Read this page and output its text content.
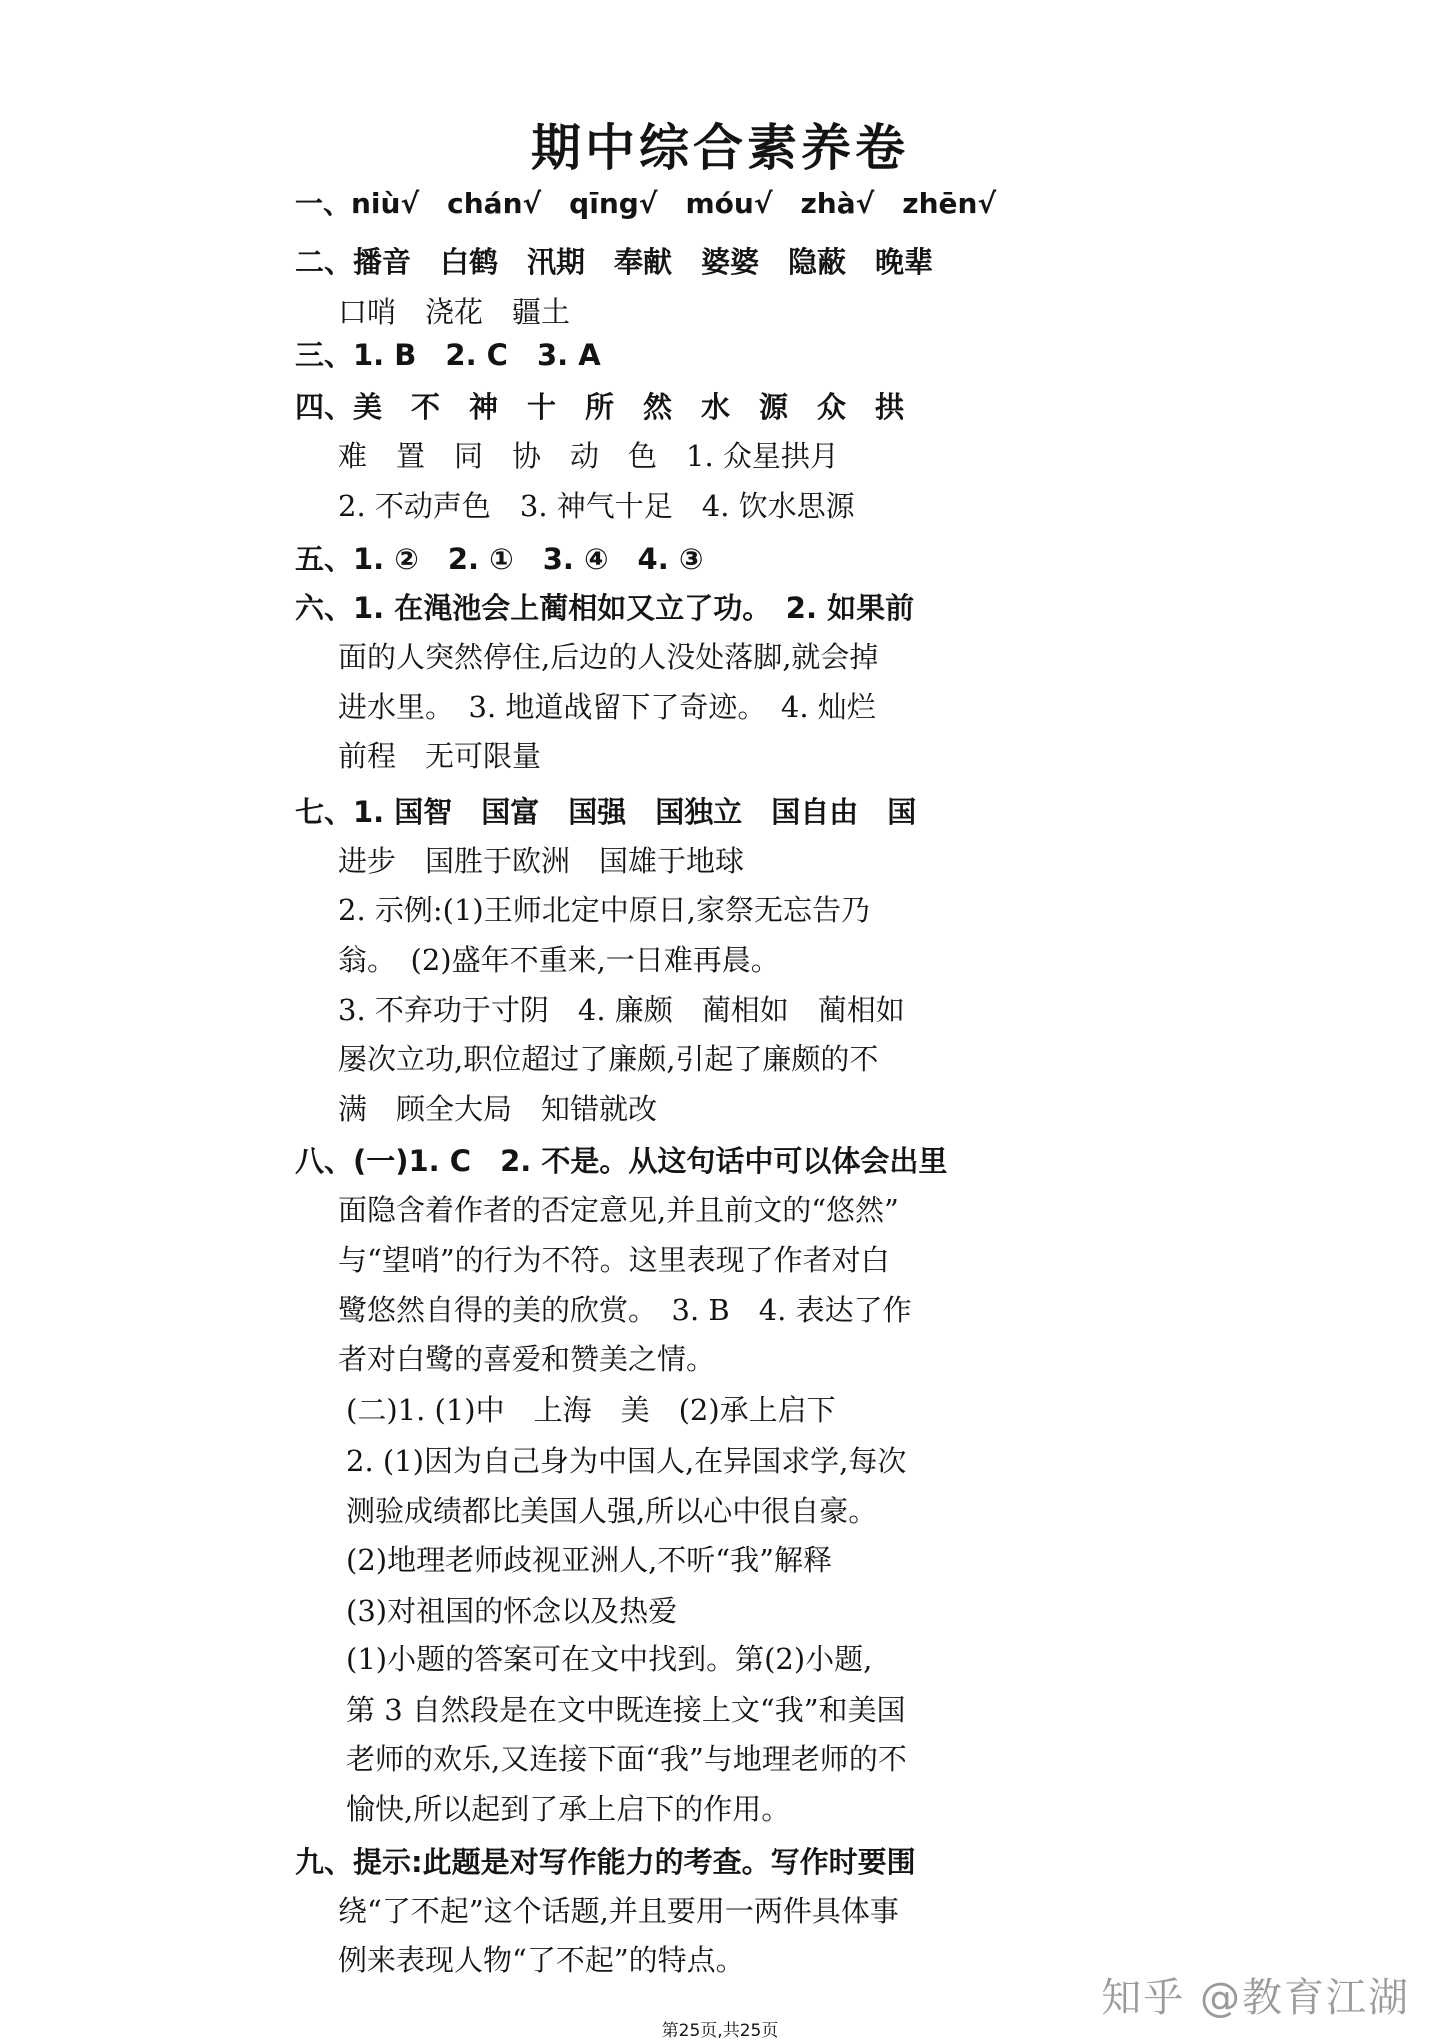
期中综合素养卷
一、niù√　chán√　qīng√　móu√　zhà√　zhēn√
二、播音　白鹤　汛期　奉献　婆婆　隐蔽　晚辈
口哨　浇花　疆土
三、1. B　2. C　3. A
四、美　不　神　十　所　然　水　源　众　拱
难　置　同　协　动　色　1. 众星拱月
2. 不动声色　3. 神气十足　4. 饮水思源
五、1. ②　2. ①　3. ④　4. ③
六、1. 在渑池会上蔺相如又立了功。　2. 如果前
面的人突然停住,后边的人没处落脚,就会掉
进水里。　3. 地道战留下了奇迹。　4. 灿烂
前程　无可限量
七、1. 国智　国富　国强　国独立　国自由　国
进步　国胜于欧洲　国雄于地球
2. 示例:(1)王师北定中原日,家祭无忘告乃
翁。　(2)盛年不重来,一日难再晨。
3. 不弃功于寸阴　4. 廉颇　蔺相如　蔺相如
屡次立功,职位超过了廉颇,引起了廉颇的不
满　顾全大局　知错就改
八、(一)1. C　2. 不是。从这句话中可以体会出里
面隐含着作者的否定意见,并且前文的“悠然”
与“望哨”的行为不符。这里表现了作者对白
鹭悠然自得的美的欣赏。　3. B　4. 表达了作
者对白鹭的喜爱和赞美之情。
(二)1. (1)中　上海　美　(2)承上启下
2. (1)因为自己身为中国人,在异国求学,每次
测验成绩都比美国人强,所以心中很自豪。
(2)地理老师歧视亚洲人,不听“我”解释
(3)对祖国的怀念以及热爱
(1)小题的答案可在文中找到。第(2)小题,
第 3 自然段是在文中既连接上文“我”和美国
老师的欢乐,又连接下面“我”与地理老师的不
愉快,所以起到了承上启下的作用。
九、提示:此题是对写作能力的考查。写作时要围
绕“了不起”这个话题,并且要用一两件具体事
例来表现人物“了不起”的特点。
第25页,共25页
知乎 @教育江湖
